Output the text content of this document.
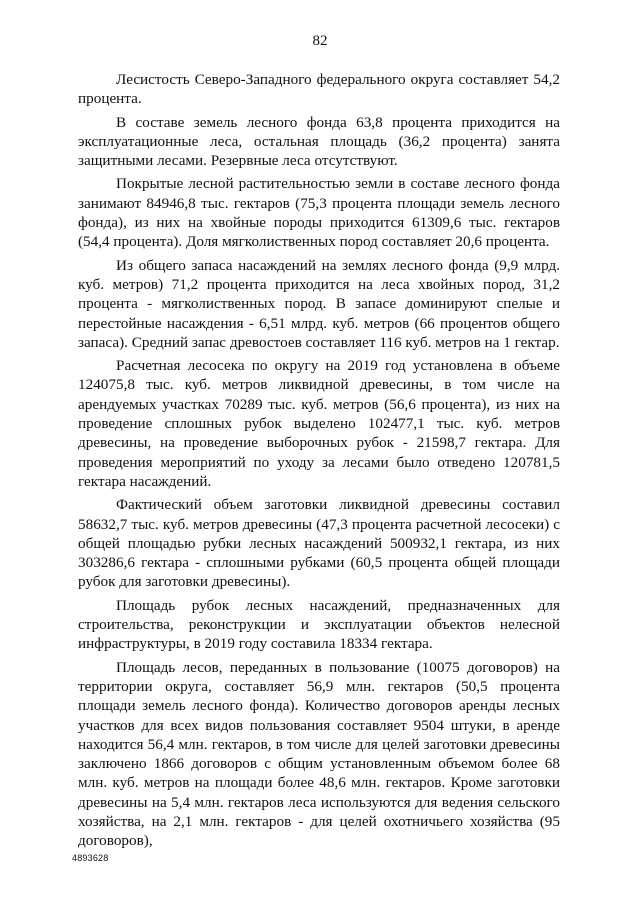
82

Лесистость Северо-Западного федерального округа составляет 54,2 процента.

В составе земель лесного фонда 63,8 процента приходится на эксплуатационные леса, остальная площадь (36,2 процента) занята защитными лесами. Резервные леса отсутствуют.

Покрытые лесной растительностью земли в составе лесного фонда занимают 84946,8 тыс. гектаров (75,3 процента площади земель лесного фонда), из них на хвойные породы приходится 61309,6 тыс. гектаров (54,4 процента). Доля мягколиственных пород составляет 20,6 процента.

Из общего запаса насаждений на землях лесного фонда (9,9 млрд. куб. метров) 71,2 процента приходится на леса хвойных пород, 31,2 процента - мягколиственных пород. В запасе доминируют спелые и перестойные насаждения - 6,51 млрд. куб. метров (66 процентов общего запаса). Средний запас древостоев составляет 116 куб. метров на 1 гектар.

Расчетная лесосека по округу на 2019 год установлена в объеме 124075,8 тыс. куб. метров ликвидной древесины, в том числе на арендуемых участках 70289 тыс. куб. метров (56,6 процента), из них на проведение сплошных рубок выделено 102477,1 тыс. куб. метров древесины, на проведение выборочных рубок - 21598,7 гектара. Для проведения мероприятий по уходу за лесами было отведено 120781,5 гектара насаждений.

Фактический объем заготовки ликвидной древесины составил 58632,7 тыс. куб. метров древесины (47,3 процента расчетной лесосеки) с общей площадью рубки лесных насаждений 500932,1 гектара, из них 303286,6 гектара - сплошными рубками (60,5 процента общей площади рубок для заготовки древесины).

Площадь рубок лесных насаждений, предназначенных для строительства, реконструкции и эксплуатации объектов нелесной инфраструктуры, в 2019 году составила 18334 гектара.

Площадь лесов, переданных в пользование (10075 договоров) на территории округа, составляет 56,9 млн. гектаров (50,5 процента площади земель лесного фонда). Количество договоров аренды лесных участков для всех видов пользования составляет 9504 штуки, в аренде находится 56,4 млн. гектаров, в том числе для целей заготовки древесины заключено 1866 договоров с общим установленным объемом более 68 млн. куб. метров на площади более 48,6 млн. гектаров. Кроме заготовки древесины на 5,4 млн. гектаров леса используются для ведения сельского хозяйства, на 2,1 млн. гектаров - для целей охотничьего хозяйства (95 договоров),

4893628
